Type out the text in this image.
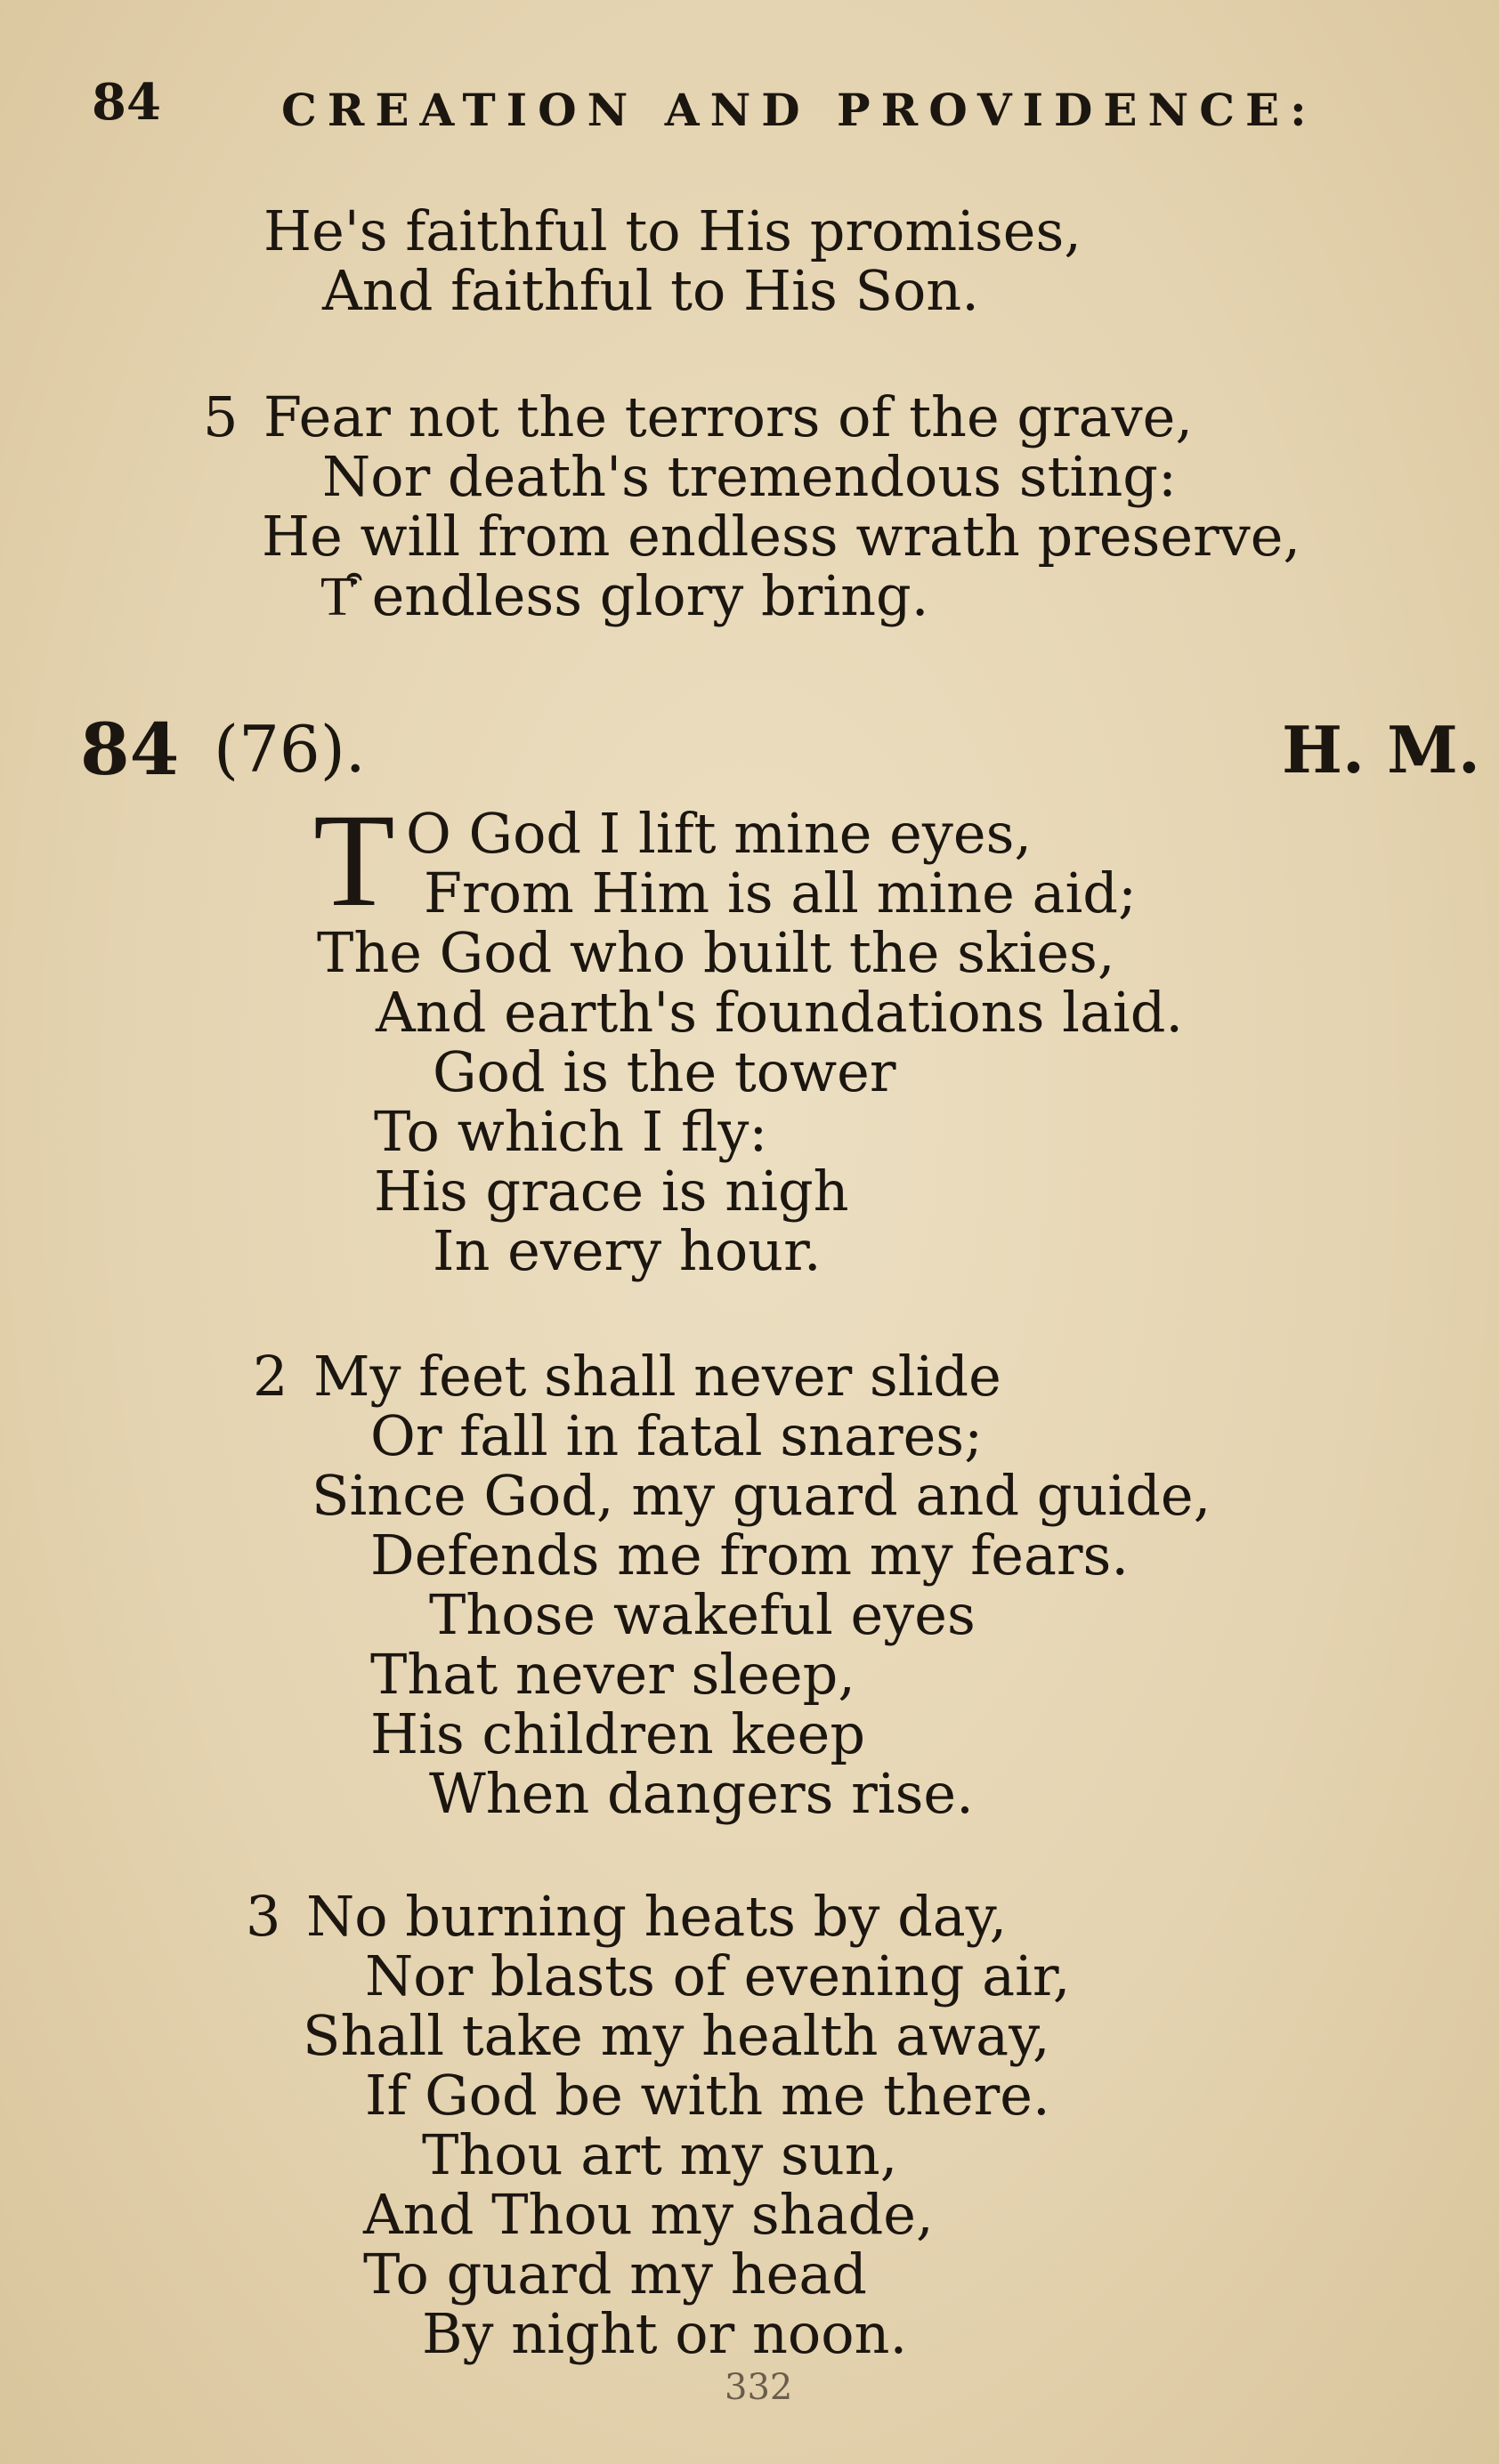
84	CREATION AND PROVIDENCE:
He's faithful to His promises,
And faithful to His Son.
5 Fear not the terrors of the grave,
Nor death's tremendous sting:
He will from endless wrath preserve,
T͒ endless glory bring.
84 (76).	H. M.
T O God I lift mine eyes,
From Him is all mine aid;
The God who built the skies,
And earth's foundations laid.
God is the tower
To which I fly:
His grace is nigh
In every hour.
2 My feet shall never slide
Or fall in fatal snares;
Since God, my guard and guide,
Defends me from my fears.
Those wakeful eyes
That never sleep,
His children keep
When dangers rise.
3 No burning heats by day,
Nor blasts of evening air,
Shall take my health away,
If God be with me there.
Thou art my sun,
And Thou my shade,
To guard my head
By night or noon.
332
